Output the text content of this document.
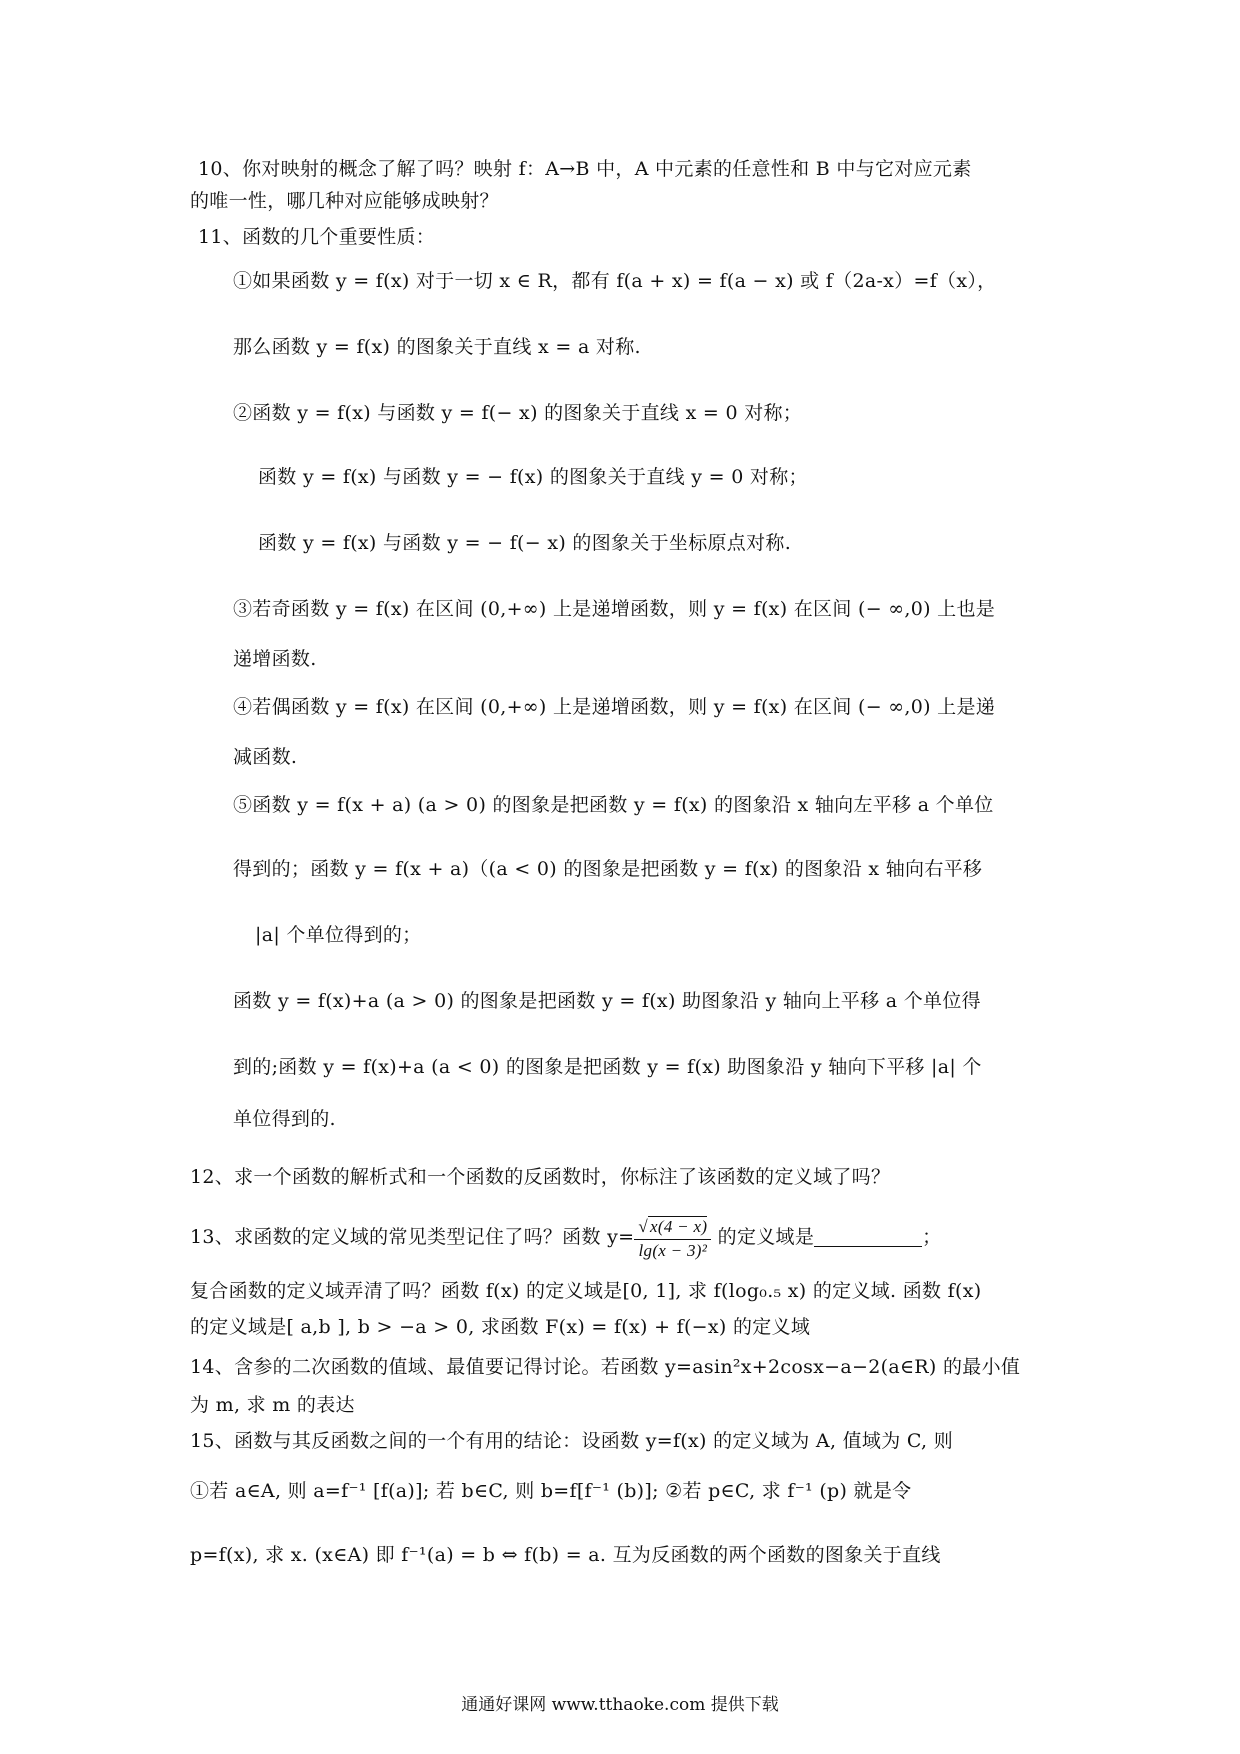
10、你对映射的概念了解了吗？映射 f：A→B 中，A 中元素的任意性和 B 中与它对应元素
的唯一性，哪几种对应能够成映射？
11、函数的几个重要性质：
①如果函数 y = f(x) 对于一切 x ∈ R，都有 f(a + x) = f(a − x) 或 f（2a-x）=f（x），
那么函数 y = f(x) 的图象关于直线 x = a 对称.
②函数 y = f(x) 与函数 y = f(− x) 的图象关于直线 x = 0 对称；
函数 y = f(x) 与函数 y = − f(x) 的图象关于直线 y = 0 对称；
函数 y = f(x) 与函数 y = − f(− x) 的图象关于坐标原点对称.
③若奇函数 y = f(x) 在区间 (0,+∞) 上是递增函数，则 y = f(x) 在区间 (− ∞,0) 上也是
递增函数.
④若偶函数 y = f(x) 在区间 (0,+∞) 上是递增函数，则 y = f(x) 在区间 (− ∞,0) 上是递
减函数.
⑤函数 y = f(x + a) (a > 0) 的图象是把函数 y = f(x) 的图象沿 x 轴向左平移 a 个单位
得到的；函数 y = f(x + a)（(a < 0) 的图象是把函数 y = f(x) 的图象沿 x 轴向右平移
|a| 个单位得到的；
函数 y = f(x)+a (a > 0) 的图象是把函数 y = f(x) 助图象沿 y 轴向上平移 a 个单位得
到的;函数 y = f(x)+a (a < 0) 的图象是把函数 y = f(x) 助图象沿 y 轴向下平移 |a| 个
单位得到的.
12、求一个函数的解析式和一个函数的反函数时，你标注了该函数的定义域了吗？
13、求函数的定义域的常见类型记住了吗？函数 $y= \frac{√ x(4 - x)}{\text{lg(x − 3)²}}$ 的定义域是	；
复合函数的定义域弄清了吗？函数 f(x) 的定义域是[0, 1], 求 f(log₀.₅ x) 的定义域. 函数 f(x)
的定义域是[ a,b ], b > −a > 0, 求函数 F(x) = f(x) + f(−x) 的定义域
14、含参的二次函数的值域、最值要记得讨论。若函数 y=asin²x+2cosx−a−2(a∈R) 的最小值
为 m, 求 m 的表达
15、函数与其反函数之间的一个有用的结论：设函数 y=f(x) 的定义域为 A, 值域为 C, 则
①若 a∈A, 则 a=f⁻¹ [f(a)]; 若 b∈C, 则 b=f[f⁻¹ (b)]; ②若 p∈C, 求 f⁻¹ (p) 就是令
p=f(x), 求 x. (x∈A) 即 f⁻¹(a) = b ⇔ f(b) = a. 互为反函数的两个函数的图象关于直线
通通好课网 www.tthaoke.com 提供下载
